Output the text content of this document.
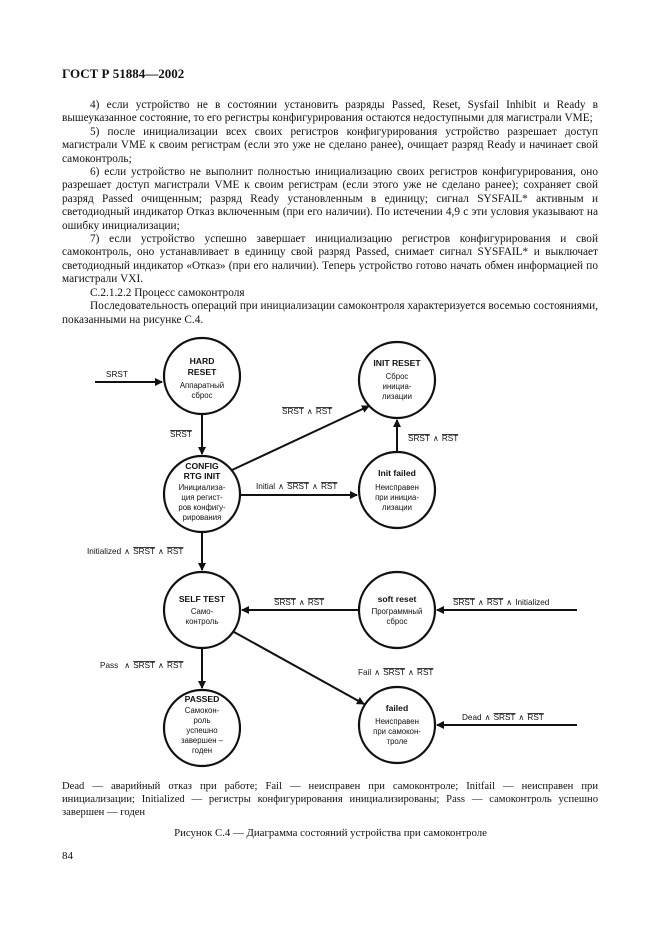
ГОСТ Р 51884—2002

4) если устройство не в состоянии установить разряды Passed, Reset, Sysfail Inhibit и Ready в вышеуказанное состояние, то его регистры конфигурирования остаются недоступными для магистрали VME;

5) после инициализации всех своих регистров конфигурирования устройство разрешает доступ магистрали VME к своим регистрам (если это уже не сделано ранее), очищает разряд Ready и начинает свой самоконтроль;

6) если устройство не выполнит полностью инициализацию своих регистров конфигурирования, оно разрешает доступ магистрали VME к своим регистрам (если этого уже не сделано ранее); сохраняет свой разряд Passed очищенным; разряд Ready установленным в единицу; сигнал SYSFAIL* активным и светодиодный индикатор Отказ включенным (при его наличии). По истечении 4,9 с эти условия указывают на ошибку инициализации;

7) если устройство успешно завершает инициализацию регистров конфигурирования и свой самоконтроль, оно устанавливает в единицу свой разряд Passed, снимает сигнал SYSFAIL* и выключает светодиодный индикатор «Отказ» (при его наличии). Теперь устройство готово начать обмен информацией по магистрали VXI.

C.2.1.2.2 Процесс самоконтроля

Последовательность операций при инициализации самоконтроля характеризуется восемью состояниями, показанными на рисунке С.4.

HARD
RESET
Аппаратный
сброс
INIT RESET
Сброс
инициа-
лизации
CONFIG
RTG INIT
Инициализа-
ция регист-
ров конфигу-
рирования
Init failed
Неисправен
при инициа-
лизации
SELF TEST
Само-
контроль
soft reset
Программный
сброс
PASSED
Самокон-
роль
успешно
завершен –
годен
failed
Неисправен
при самокон-
троле
SRST
SRST
SRST ∧ RST
SRST ∧ RST
Initial ∧ SRST ∧ RST
Initialized ∧ SRST ∧ RST
SRST ∧ RST	SRST ∧ RST ∧ Initialized
Pass ∧ SRST ∧ RST
Fail ∧ SRST ∧ RST
Dead ∧ SRST ∧ RST
Dead — аварийный отказ при работе; Fail — неисправен при самоконтроле; Initfail — неисправен при инициализации; Initialized — регистры конфигурирования инициализированы; Pass — самоконтроль успешно завершен — годен
Рисунок С.4 — Диаграмма состояний устройства при самоконтроле
84
